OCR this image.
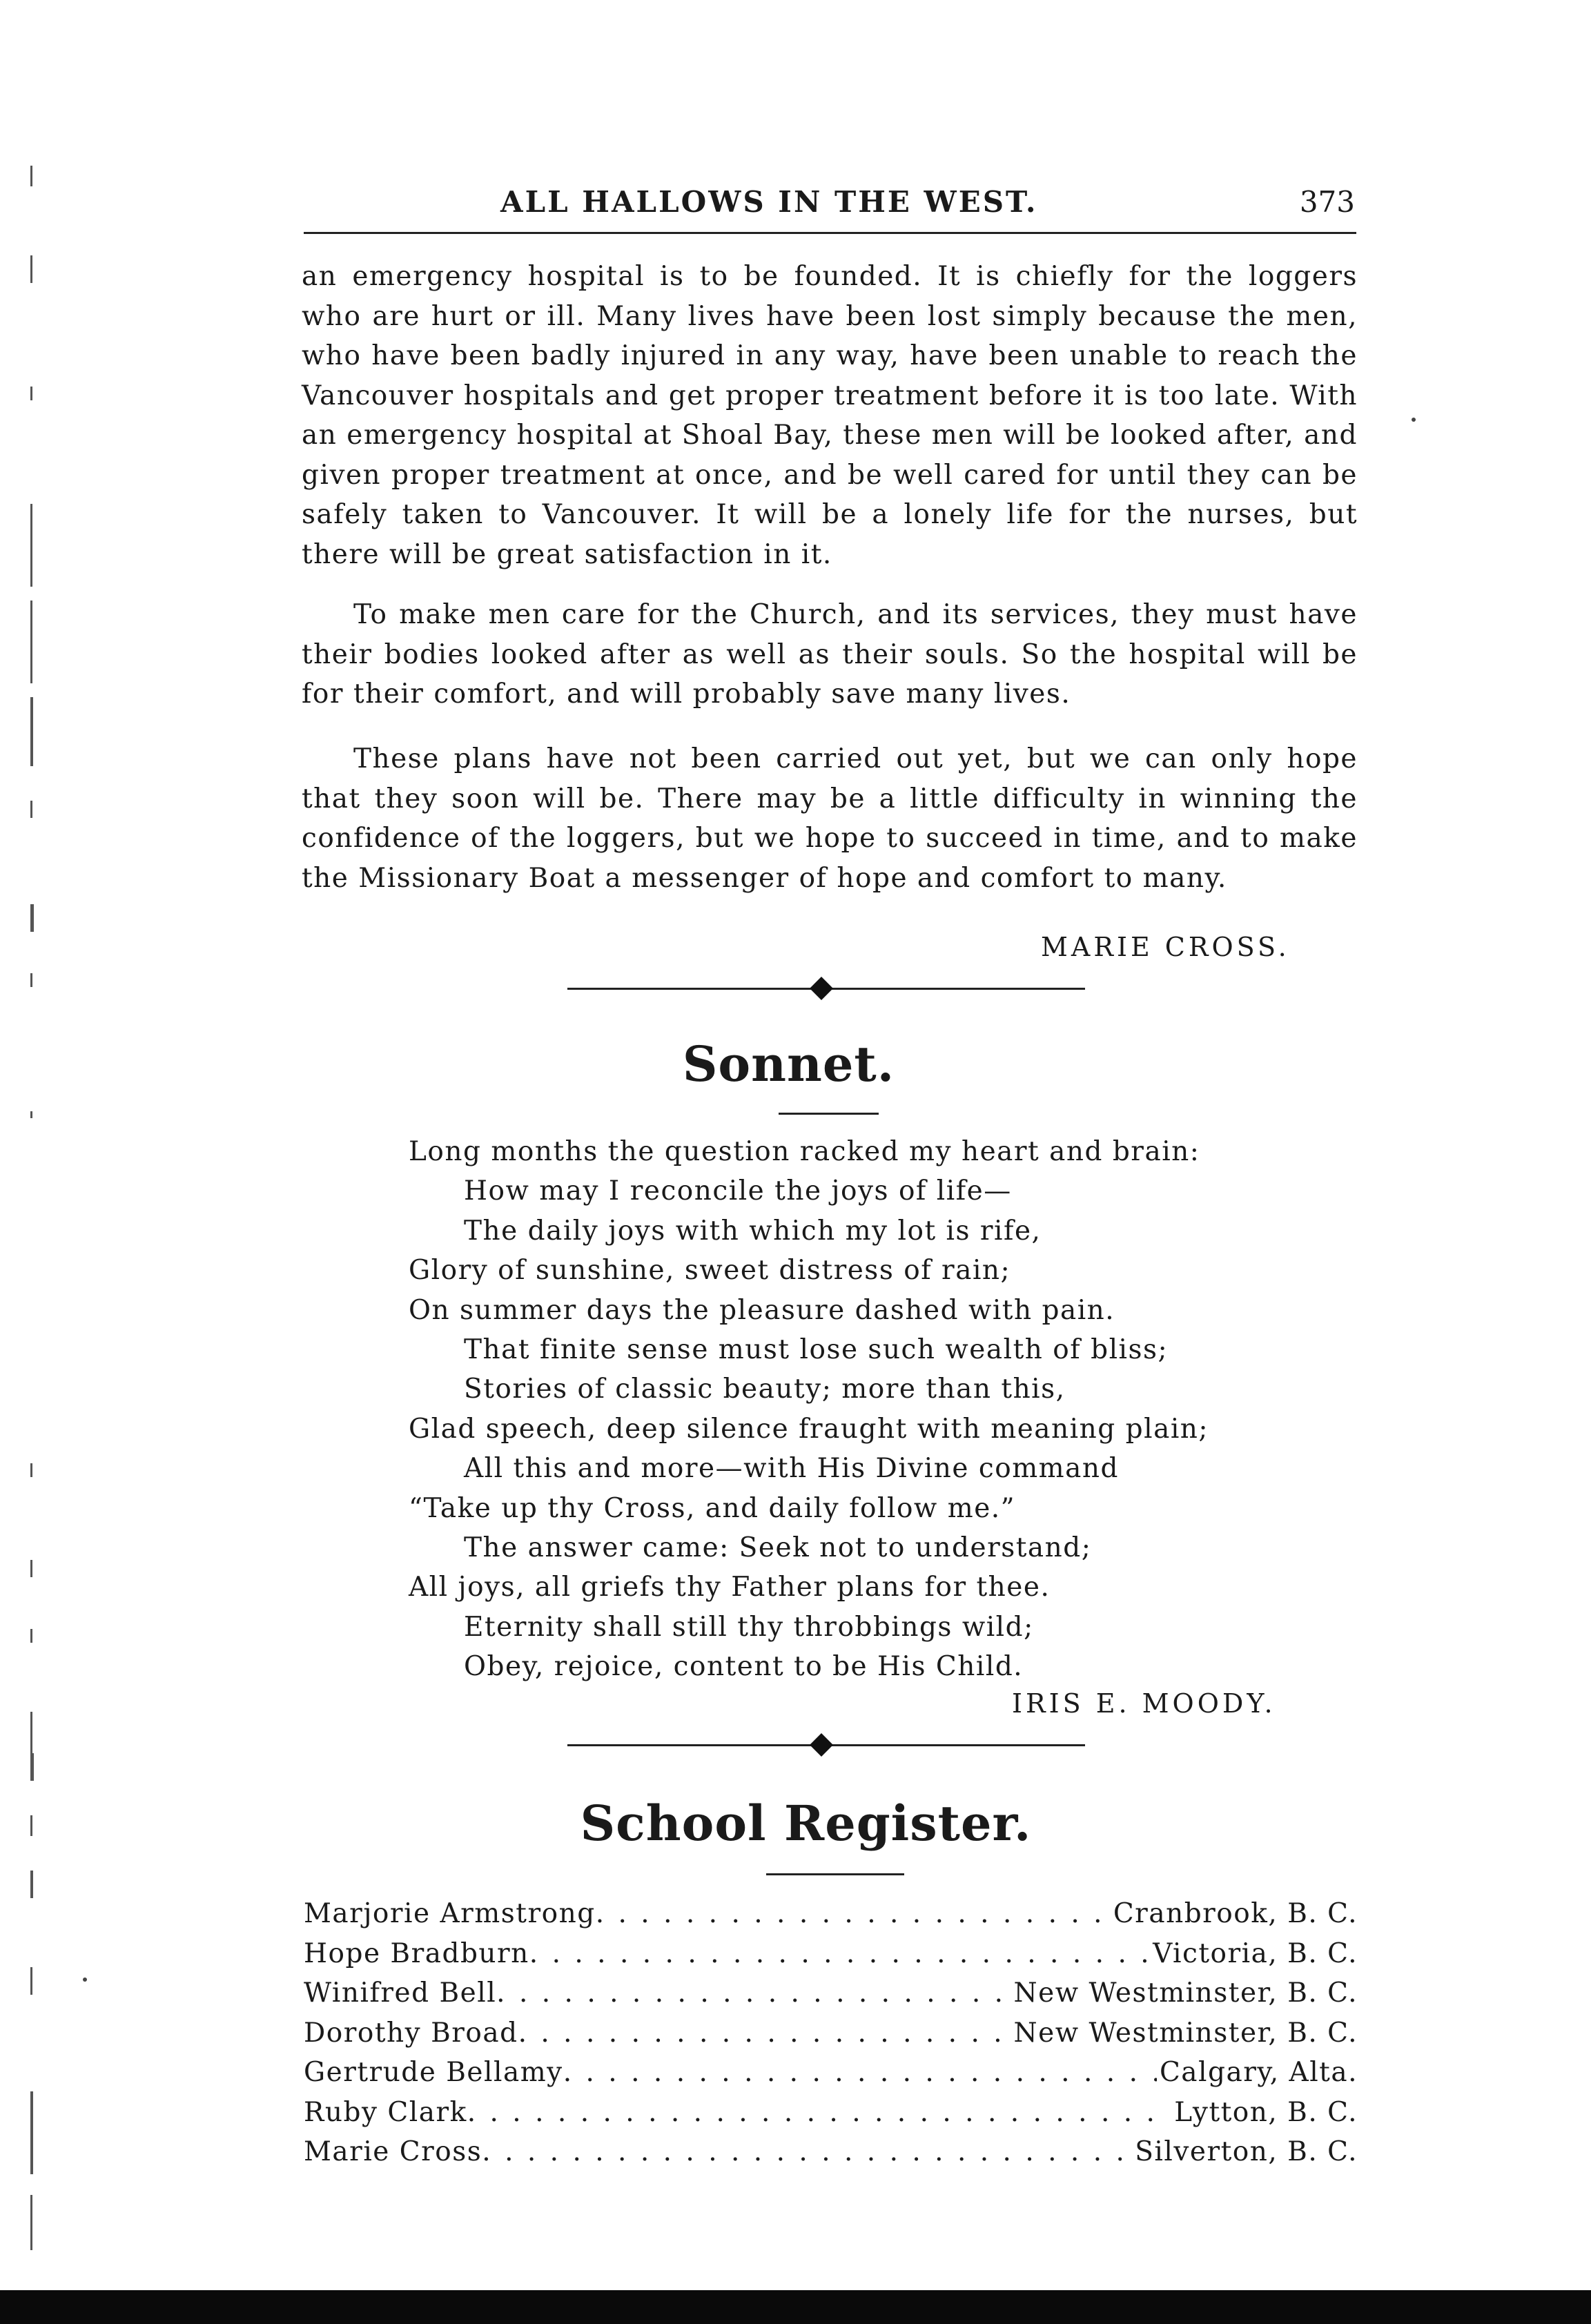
ALL HALLOWS IN THE WEST.	373

an emergency hospital is to be founded. It is chiefly for the loggers who are hurt or ill. Many lives have been lost simply because the men, who have been badly injured in any way, have been unable to reach the Vancouver hospitals and get proper treatment before it is too late. With an emergency hospital at Shoal Bay, these men will be looked after, and given proper treatment at once, and be well cared for until they can be safely taken to Vancouver. It will be a lonely life for the nurses, but there will be great satisfaction in it.

To make men care for the Church, and its services, they must have their bodies looked after as well as their souls. So the hospital will be for their comfort, and will probably save many lives.

These plans have not been carried out yet, but we can only hope that they soon will be. There may be a little difficulty in winning the confidence of the loggers, but we hope to succeed in time, and to make the Missionary Boat a messenger of hope and comfort to many.

MARIE CROSS.
Sonnet.
Long months the question racked my heart and brain:
How may I reconcile the joys of life—
The daily joys with which my lot is rife,
Glory of sunshine, sweet distress of rain;
On summer days the pleasure dashed with pain.
That finite sense must lose such wealth of bliss;
Stories of classic beauty; more than this,
Glad speech, deep silence fraught with meaning plain;
All this and more—with His Divine command
“Take up thy Cross, and daily follow me.”
The answer came: Seek not to understand;
All joys, all griefs thy Father plans for thee.
Eternity shall still thy throbbings wild;
Obey, rejoice, content to be His Child.
IRIS E. MOODY.
School Register.
Marjorie Armstrong . . .	Cranbrook, B. C.
Hope Bradburn . . .	Victoria, B. C.
Winifred Bell . . .	New Westminster, B. C.
Dorothy Broad . . .	New Westminster, B. C.
Gertrude Bellamy . . .	Calgary, Alta.
Ruby Clark . . .	Lytton, B. C.
Marie Cross . . .	Silverton, B. C.
